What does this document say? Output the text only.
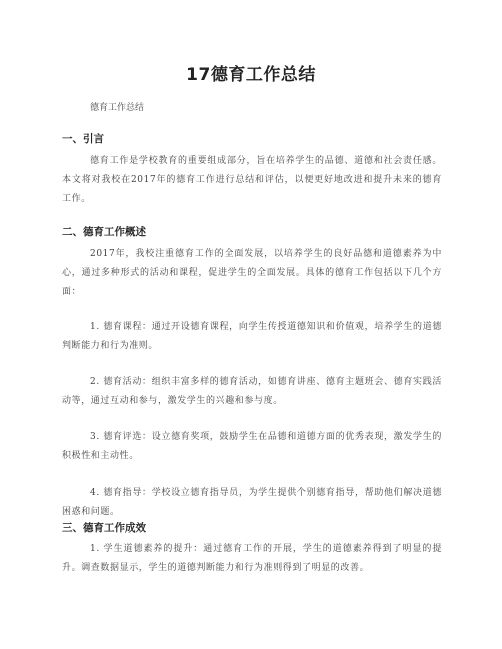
17德育工作总结
德育工作总结
一、引言
德育工作是学校教育的重要组成部分，旨在培养学生的品德、道德和社会责任感。本文将对我校在2017年的德育工作进行总结和评估，以便更好地改进和提升未来的德育工作。
二、德育工作概述
2017年，我校注重德育工作的全面发展，以培养学生的良好品德和道德素养为中心，通过多种形式的活动和课程，促进学生的全面发展。具体的德育工作包括以下几个方面：
1. 德育课程：通过开设德育课程，向学生传授道德知识和价值观，培养学生的道德判断能力和行为准则。
2. 德育活动：组织丰富多样的德育活动，如德育讲座、德育主题班会、德育实践活动等，通过互动和参与，激发学生的兴趣和参与度。
3. 德育评选：设立德育奖项，鼓励学生在品德和道德方面的优秀表现，激发学生的积极性和主动性。
4. 德育指导：学校设立德育指导员，为学生提供个别德育指导，帮助他们解决道德困惑和问题。
三、德育工作成效
1. 学生道德素养的提升：通过德育工作的开展，学生的道德素养得到了明显的提升。调查数据显示，学生的道德判断能力和行为准则得到了明显的改善。
